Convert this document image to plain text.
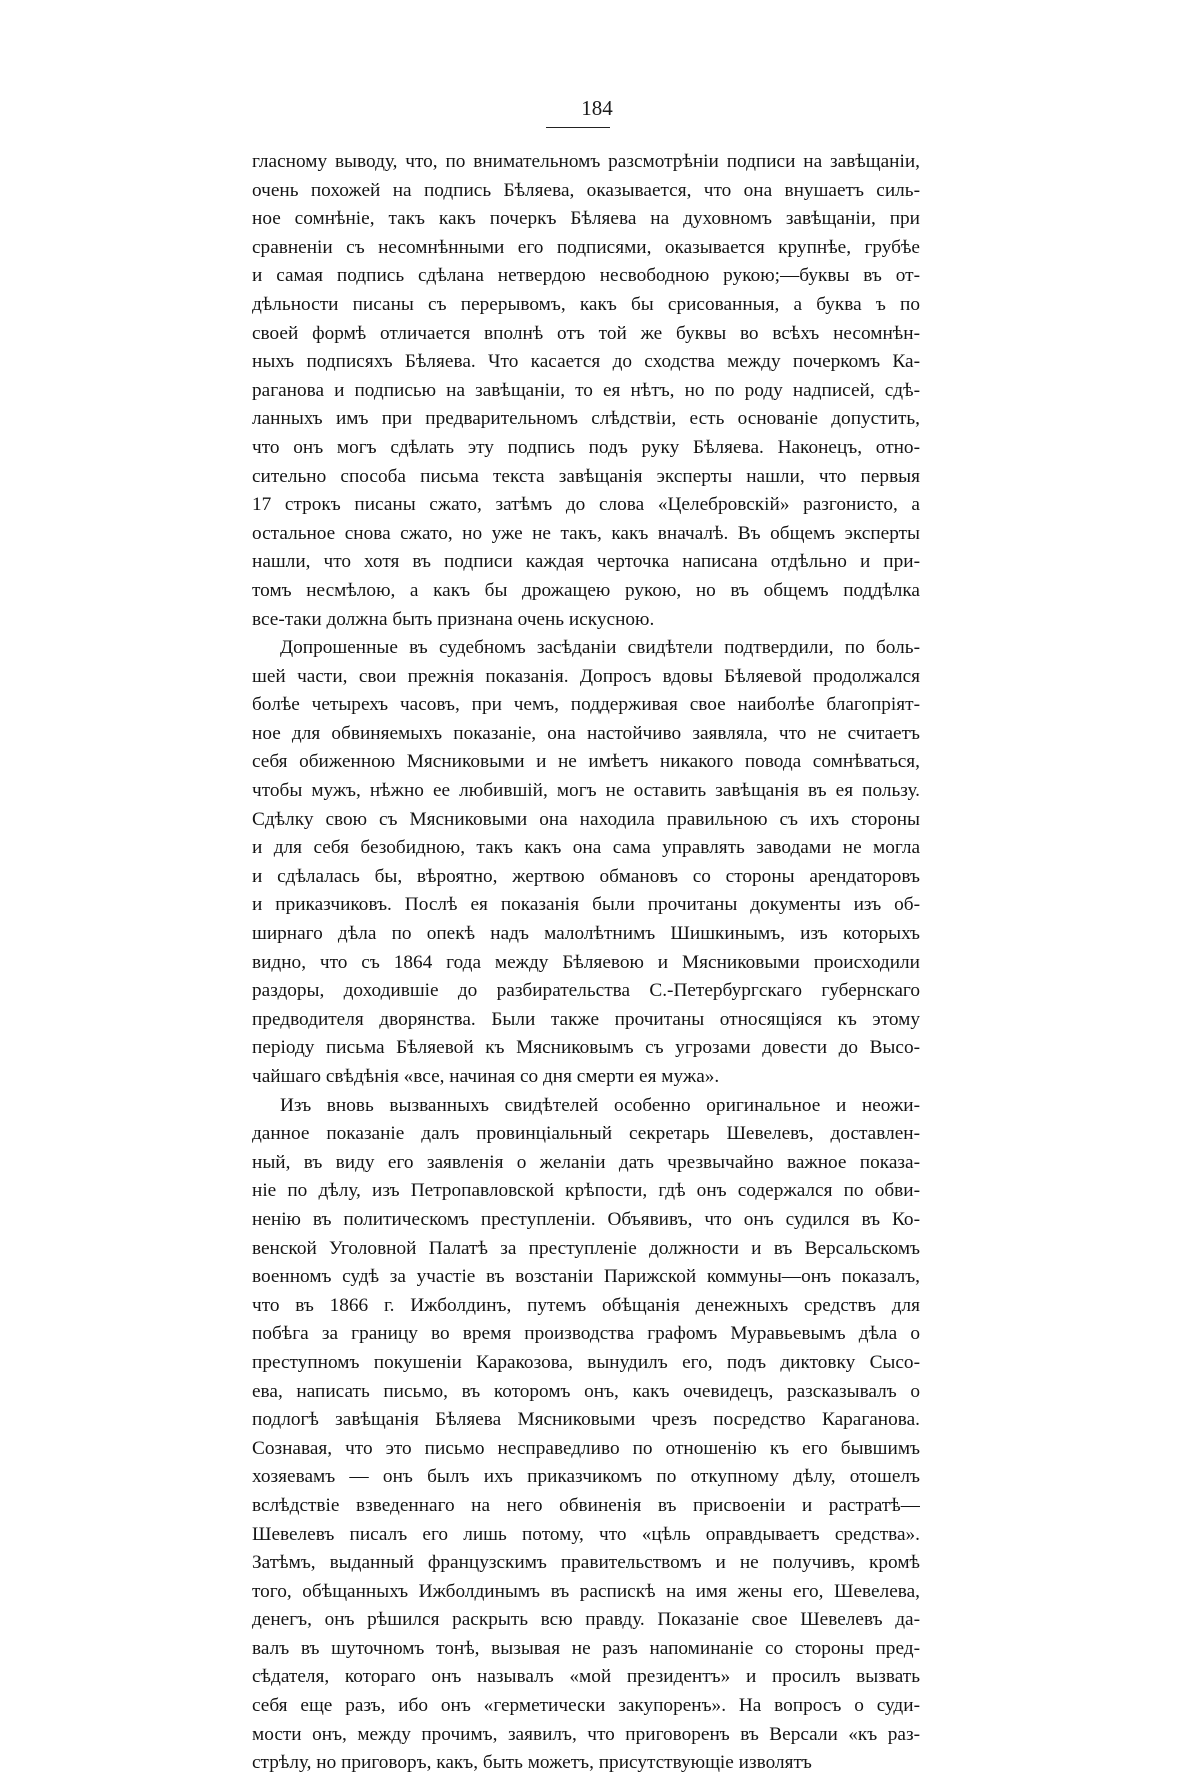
184
гласному выводу, что, по внимательномъ разсмотрѣніи подписи на завѣщаніи,
очень похожей на подпись Бѣляева, оказывается, что она внушаетъ силь-
ное сомнѣніе, такъ какъ почеркъ Бѣляева на духовномъ завѣщаніи, при
сравненіи съ несомнѣнными его подписями, оказывается крупнѣе, грубѣе
и самая подпись сдѣлана нетвердою несвободною рукою;—буквы въ от-
дѣльности писаны съ перерывомъ, какъ бы срисованныя, а буква ъ по
своей формѣ отличается вполнѣ отъ той же буквы во всѣхъ несомнѣн-
ныхъ подписяхъ Бѣляева. Что касается до сходства между почеркомъ Ка-
раганова и подписью на завѣщаніи, то ея нѣтъ, но по роду надписей, сдѣ-
ланныхъ имъ при предварительномъ слѣдствіи, есть основаніе допустить,
что онъ могъ сдѣлать эту подпись подъ руку Бѣляева. Наконецъ, отно-
сительно способа письма текста завѣщанія эксперты нашли, что первыя
17 строкъ писаны сжато, затѣмъ до слова «Целебровскій» разгонисто, а
остальное снова сжато, но уже не такъ, какъ вначалѣ. Въ общемъ эксперты
нашли, что хотя въ подписи каждая черточка написана отдѣльно и при-
томъ несмѣлою, а какъ бы дрожащею рукою, но въ общемъ поддѣлка
все-таки должна быть признана очень искусною.
Допрошенные въ судебномъ засѣданіи свидѣтели подтвердили, по боль-
шей части, свои прежнія показанія. Допросъ вдовы Бѣляевой продолжался
болѣе четырехъ часовъ, при чемъ, поддерживая свое наиболѣе благопріят-
ное для обвиняемыхъ показаніе, она настойчиво заявляла, что не считаетъ
себя обиженною Мясниковыми и не имѣетъ никакого повода сомнѣваться,
чтобы мужъ, нѣжно ее любившій, могъ не оставить завѣщанія въ ея пользу.
Сдѣлку свою съ Мясниковыми она находила правильною съ ихъ стороны
и для себя безобидною, такъ какъ она сама управлять заводами не могла
и сдѣлалась бы, вѣроятно, жертвою обмановъ со стороны арендаторовъ
и приказчиковъ. Послѣ ея показанія были прочитаны документы изъ об-
ширнаго дѣла по опекѣ надъ малолѣтнимъ Шишкинымъ, изъ которыхъ
видно, что съ 1864 года между Бѣляевою и Мясниковыми происходили
раздоры, доходившіе до разбирательства С.-Петербургскаго губернскаго
предводителя дворянства. Были также прочитаны относящіяся къ этому
періоду письма Бѣляевой къ Мясниковымъ съ угрозами довести до Высо-
чайшаго свѣдѣнія «все, начиная со дня смерти ея мужа».
Изъ вновь вызванныхъ свидѣтелей особенно оригинальное и неожи-
данное показаніе далъ провинціальный секретарь Шевелевъ, доставлен-
ный, въ виду его заявленія о желаніи дать чрезвычайно важное показа-
ніе по дѣлу, изъ Петропавловской крѣпости, гдѣ онъ содержался по обви-
ненію въ политическомъ преступленіи. Объявивъ, что онъ судился въ Ко-
венской Уголовной Палатѣ за преступленіе должности и въ Версальскомъ
военномъ судѣ за участіе въ возстаніи Парижской коммуны—онъ показалъ,
что въ 1866 г. Ижболдинъ, путемъ обѣщанія денежныхъ средствъ для
побѣга за границу во время производства графомъ Муравьевымъ дѣла о
преступномъ покушеніи Каракозова, вынудилъ его, подъ диктовку Сысо-
ева, написать письмо, въ которомъ онъ, какъ очевидецъ, разсказывалъ о
подлогѣ завѣщанія Бѣляева Мясниковыми чрезъ посредство Караганова.
Сознавая, что это письмо несправедливо по отношенію къ его бывшимъ
хозяевамъ — онъ былъ ихъ приказчикомъ по откупному дѣлу, отошелъ
вслѣдствіе взведеннаго на него обвиненія въ присвоеніи и растратѣ—
Шевелевъ писалъ его лишь потому, что «цѣль оправдываетъ средства».
Затѣмъ, выданный французскимъ правительствомъ и не получивъ, кромѣ
того, обѣщанныхъ Ижболдинымъ въ распискѣ на имя жены его, Шевелева,
денегъ, онъ рѣшился раскрыть всю правду. Показаніе свое Шевелевъ да-
валъ въ шуточномъ тонѣ, вызывая не разъ напоминаніе со стороны пред-
сѣдателя, котораго онъ называлъ «мой президентъ» и просилъ вызвать
себя еще разъ, ибо онъ «герметически закупоренъ». На вопросъ о суди-
мости онъ, между прочимъ, заявилъ, что приговоренъ въ Версали «къ раз-
стрѣлу, но приговоръ, какъ, быть можетъ, присутствующіе изволятъ
